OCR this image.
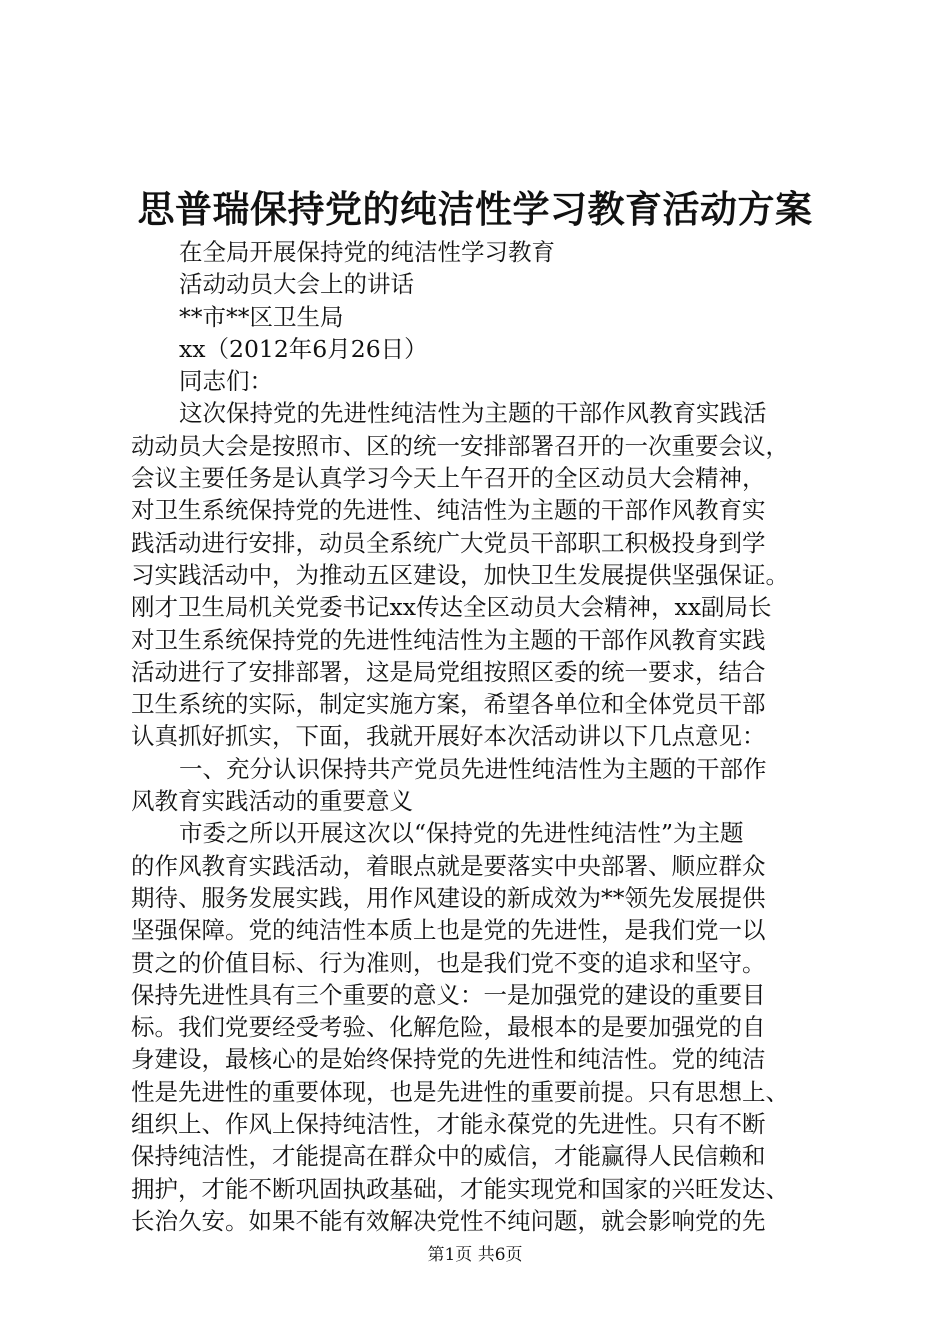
思普瑞保持党的纯洁性学习教育活动方案
在全局开展保持党的纯洁性学习教育
活动动员大会上的讲话
**市**区卫生局
xx（2012年6月26日）
同志们：
这次保持党的先进性纯洁性为主题的干部作风教育实践活
动动员大会是按照市、区的统一安排部署召开的一次重要会议，
会议主要任务是认真学习今天上午召开的全区动员大会精神，
对卫生系统保持党的先进性、纯洁性为主题的干部作风教育实
践活动进行安排，动员全系统广大党员干部职工积极投身到学
习实践活动中，为推动五区建设，加快卫生发展提供坚强保证。
刚才卫生局机关党委书记xx传达全区动员大会精神，xx副局长
对卫生系统保持党的先进性纯洁性为主题的干部作风教育实践
活动进行了安排部署，这是局党组按照区委的统一要求，结合
卫生系统的实际，制定实施方案，希望各单位和全体党员干部
认真抓好抓实，下面，我就开展好本次活动讲以下几点意见：
一、充分认识保持共产党员先进性纯洁性为主题的干部作
风教育实践活动的重要意义
市委之所以开展这次以“保持党的先进性纯洁性”为主题
的作风教育实践活动，着眼点就是要落实中央部署、顺应群众
期待、服务发展实践，用作风建设的新成效为**领先发展提供
坚强保障。党的纯洁性本质上也是党的先进性，是我们党一以
贯之的价值目标、行为准则，也是我们党不变的追求和坚守。
保持先进性具有三个重要的意义：一是加强党的建设的重要目
标。我们党要经受考验、化解危险，最根本的是要加强党的自
身建设，最核心的是始终保持党的先进性和纯洁性。党的纯洁
性是先进性的重要体现，也是先进性的重要前提。只有思想上、
组织上、作风上保持纯洁性，才能永葆党的先进性。只有不断
保持纯洁性，才能提高在群众中的威信，才能赢得人民信赖和
拥护，才能不断巩固执政基础，才能实现党和国家的兴旺发达、
长治久安。如果不能有效解决党性不纯问题，就会影响党的先
第1页 共6页
